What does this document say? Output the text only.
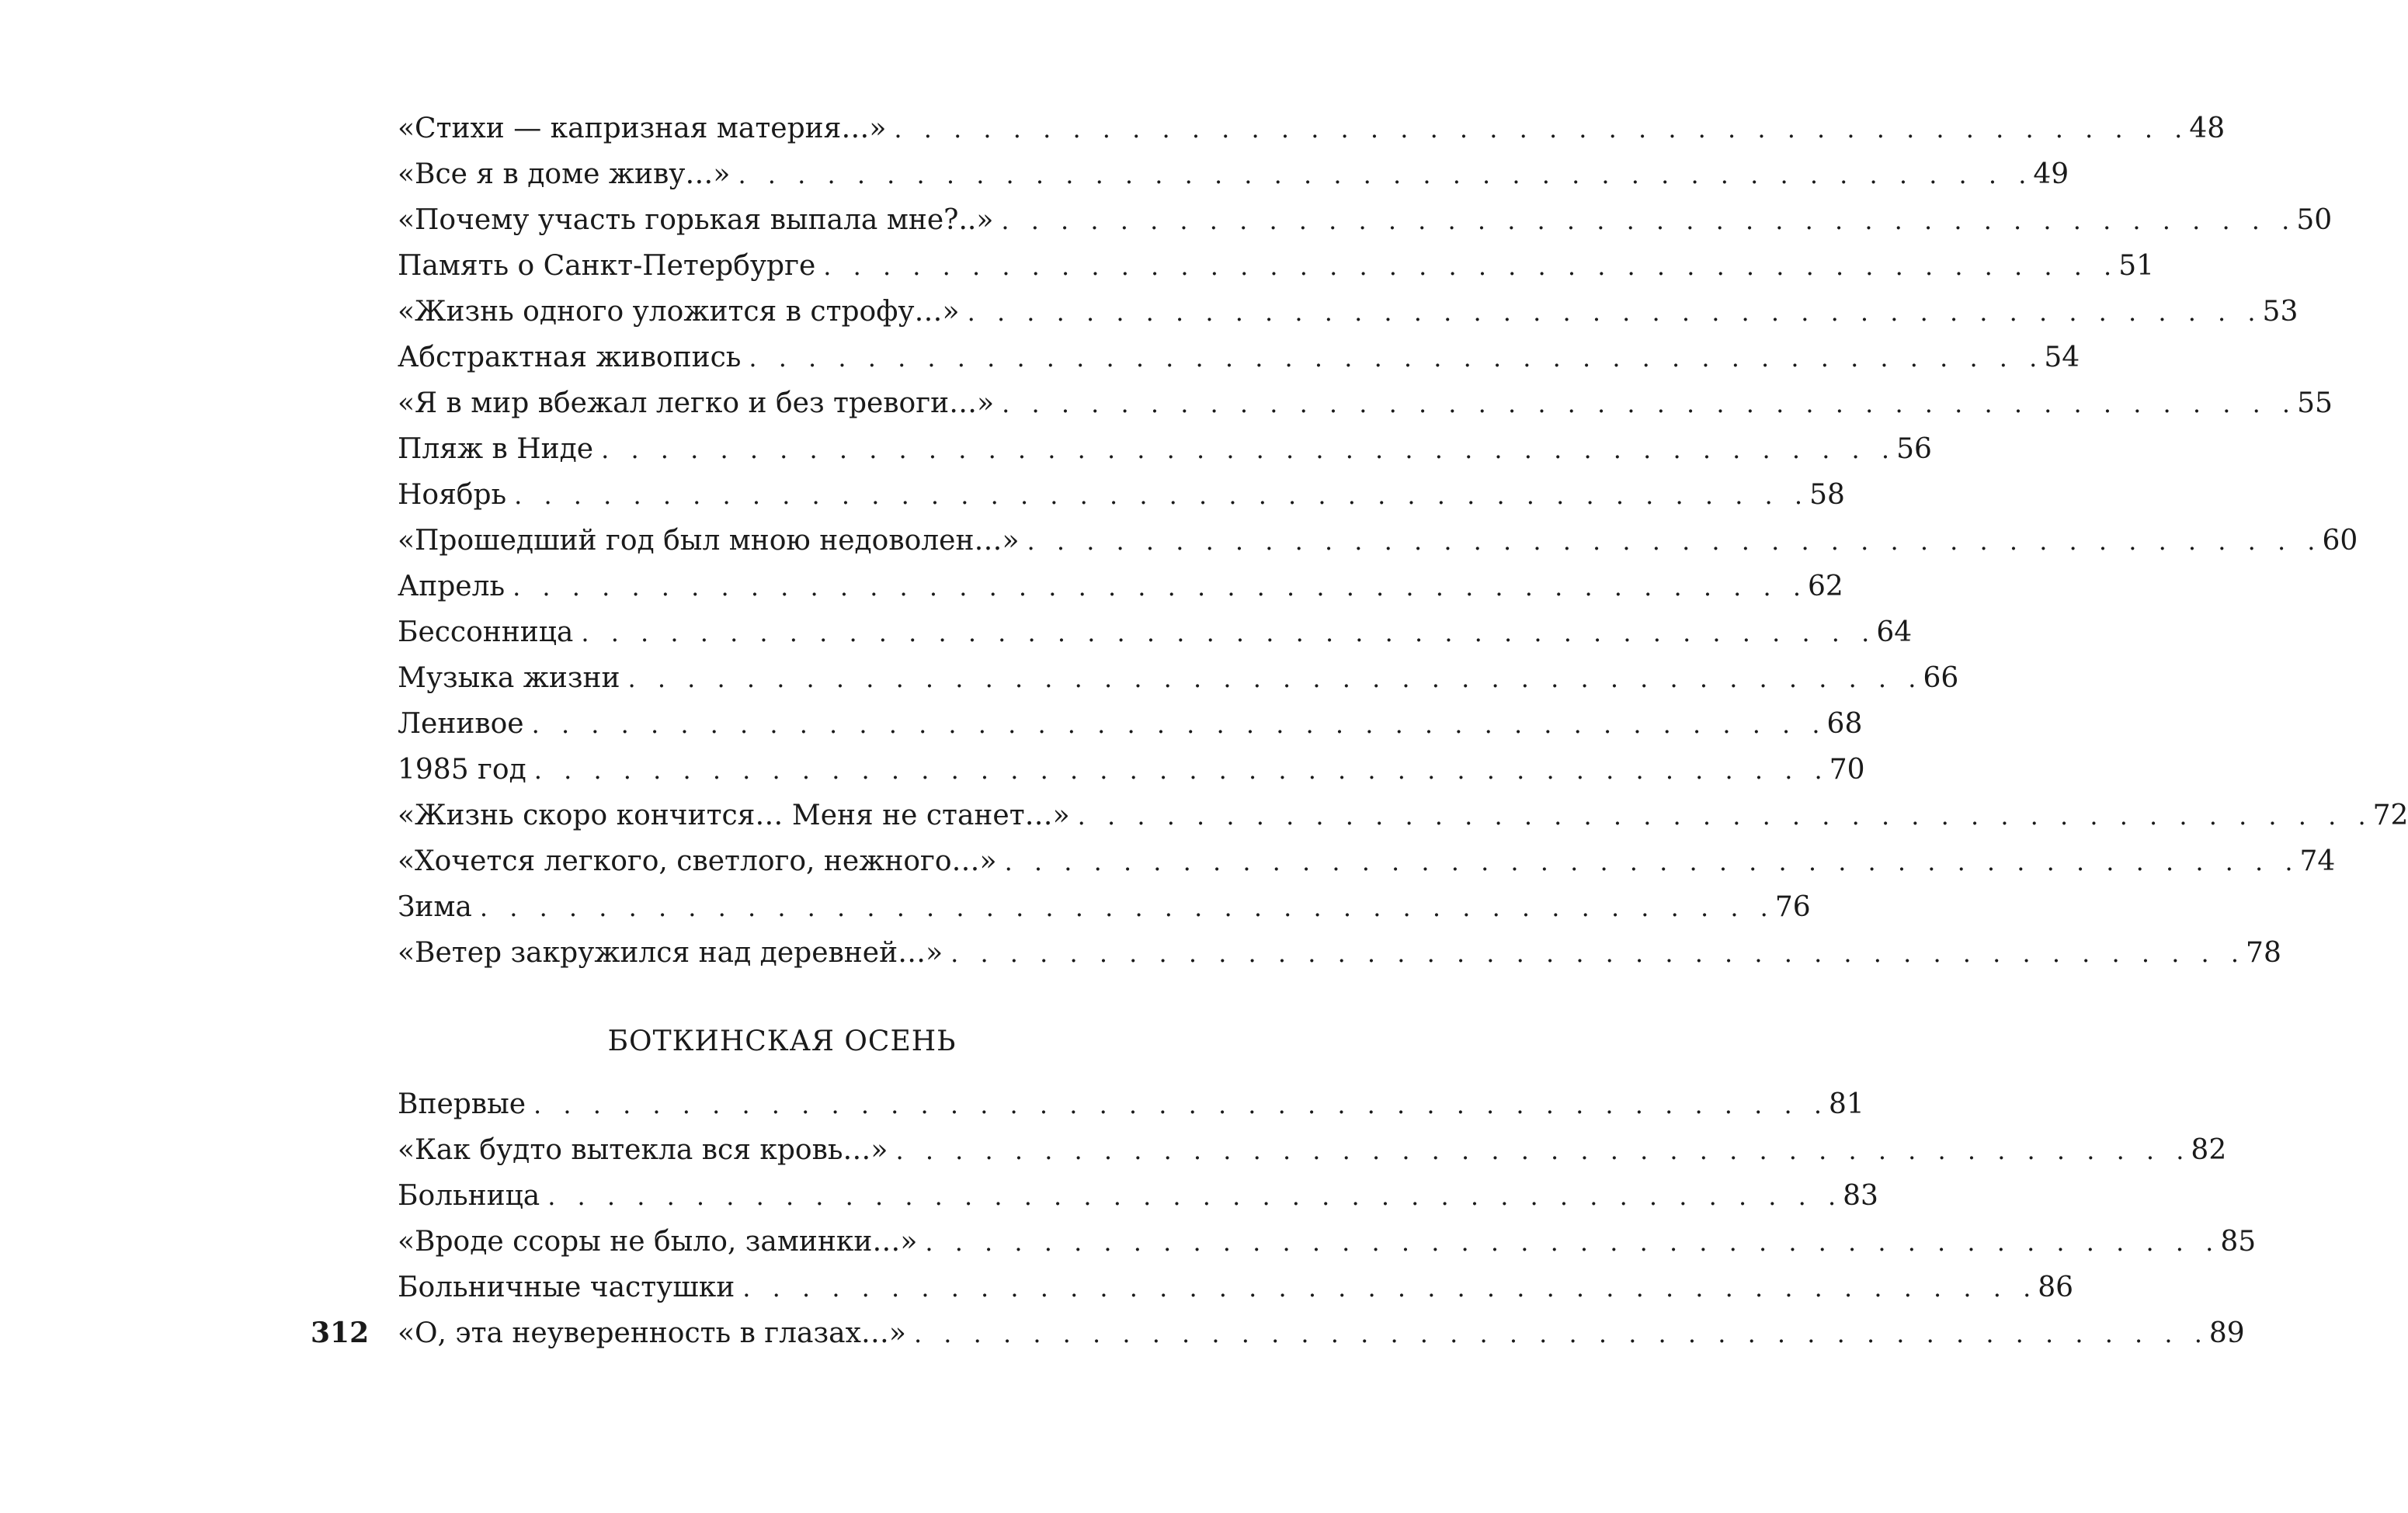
«Стихи — капризная материя…» . . . . . . . . . . . . . . . . . . . . . . . . . . . . . . . . . . . . . . . . . . . . 48
«Все я в доме живу…» . . . . . . . . . . . . . . . . . . . . . . . . . . . . . . . . . . . . . . . . . . . . 49
«Почему участь горькая выпала мне?..» . . . . . . . . . . . . . . . . . . . . . . . . . . . . . . . . . . . . . . . . . . . . 50
Память о Санкт-Петербурге . . . . . . . . . . . . . . . . . . . . . . . . . . . . . . . . . . . . . . . . . . . . 51
«Жизнь одного уложится в строфу…» . . . . . . . . . . . . . . . . . . . . . . . . . . . . . . . . . . . . . . . . . . . . 53
Абстрактная живопись . . . . . . . . . . . . . . . . . . . . . . . . . . . . . . . . . . . . . . . . . . . . 54
«Я в мир вбежал легко и без тревоги…» . . . . . . . . . . . . . . . . . . . . . . . . . . . . . . . . . . . . . . . . . . . . 55
Пляж в Ниде . . . . . . . . . . . . . . . . . . . . . . . . . . . . . . . . . . . . . . . . . . . . 56
Ноябрь . . . . . . . . . . . . . . . . . . . . . . . . . . . . . . . . . . . . . . . . . . . . 58
«Прошедший год был мною недоволен…» . . . . . . . . . . . . . . . . . . . . . . . . . . . . . . . . . . . . . . . . . . . . 60
Апрель . . . . . . . . . . . . . . . . . . . . . . . . . . . . . . . . . . . . . . . . . . . . 62
Бессонница . . . . . . . . . . . . . . . . . . . . . . . . . . . . . . . . . . . . . . . . . . . . 64
Музыка жизни . . . . . . . . . . . . . . . . . . . . . . . . . . . . . . . . . . . . . . . . . . . . 66
Ленивое . . . . . . . . . . . . . . . . . . . . . . . . . . . . . . . . . . . . . . . . . . . . 68
1985 год . . . . . . . . . . . . . . . . . . . . . . . . . . . . . . . . . . . . . . . . . . . . 70
«Жизнь скоро кончится… Меня не станет…» . . . . . . . . . . . . . . . . . . . . . . . . . . . . . . . . . . . . . . . . . . . . 72
«Хочется легкого, светлого, нежного…» . . . . . . . . . . . . . . . . . . . . . . . . . . . . . . . . . . . . . . . . . . . . 74
Зима . . . . . . . . . . . . . . . . . . . . . . . . . . . . . . . . . . . . . . . . . . . . 76
«Ветер закружился над деревней…» . . . . . . . . . . . . . . . . . . . . . . . . . . . . . . . . . . . . . . . . . . . . 78
БОТКИНСКАЯ ОСЕНЬ
Впервые . . . . . . . . . . . . . . . . . . . . . . . . . . . . . . . . . . . . . . . . . . . . 81
«Как будто вытекла вся кровь…» . . . . . . . . . . . . . . . . . . . . . . . . . . . . . . . . . . . . . . . . . . . . 82
Больница . . . . . . . . . . . . . . . . . . . . . . . . . . . . . . . . . . . . . . . . . . . . 83
«Вроде ссоры не было, заминки…» . . . . . . . . . . . . . . . . . . . . . . . . . . . . . . . . . . . . . . . . . . . . 85
Больничные частушки . . . . . . . . . . . . . . . . . . . . . . . . . . . . . . . . . . . . . . . . . . . . 86
«О, эта неуверенность в глазах…» . . . . . . . . . . . . . . . . . . . . . . . . . . . . . . . . . . . . . . . . . . . . 89
312
